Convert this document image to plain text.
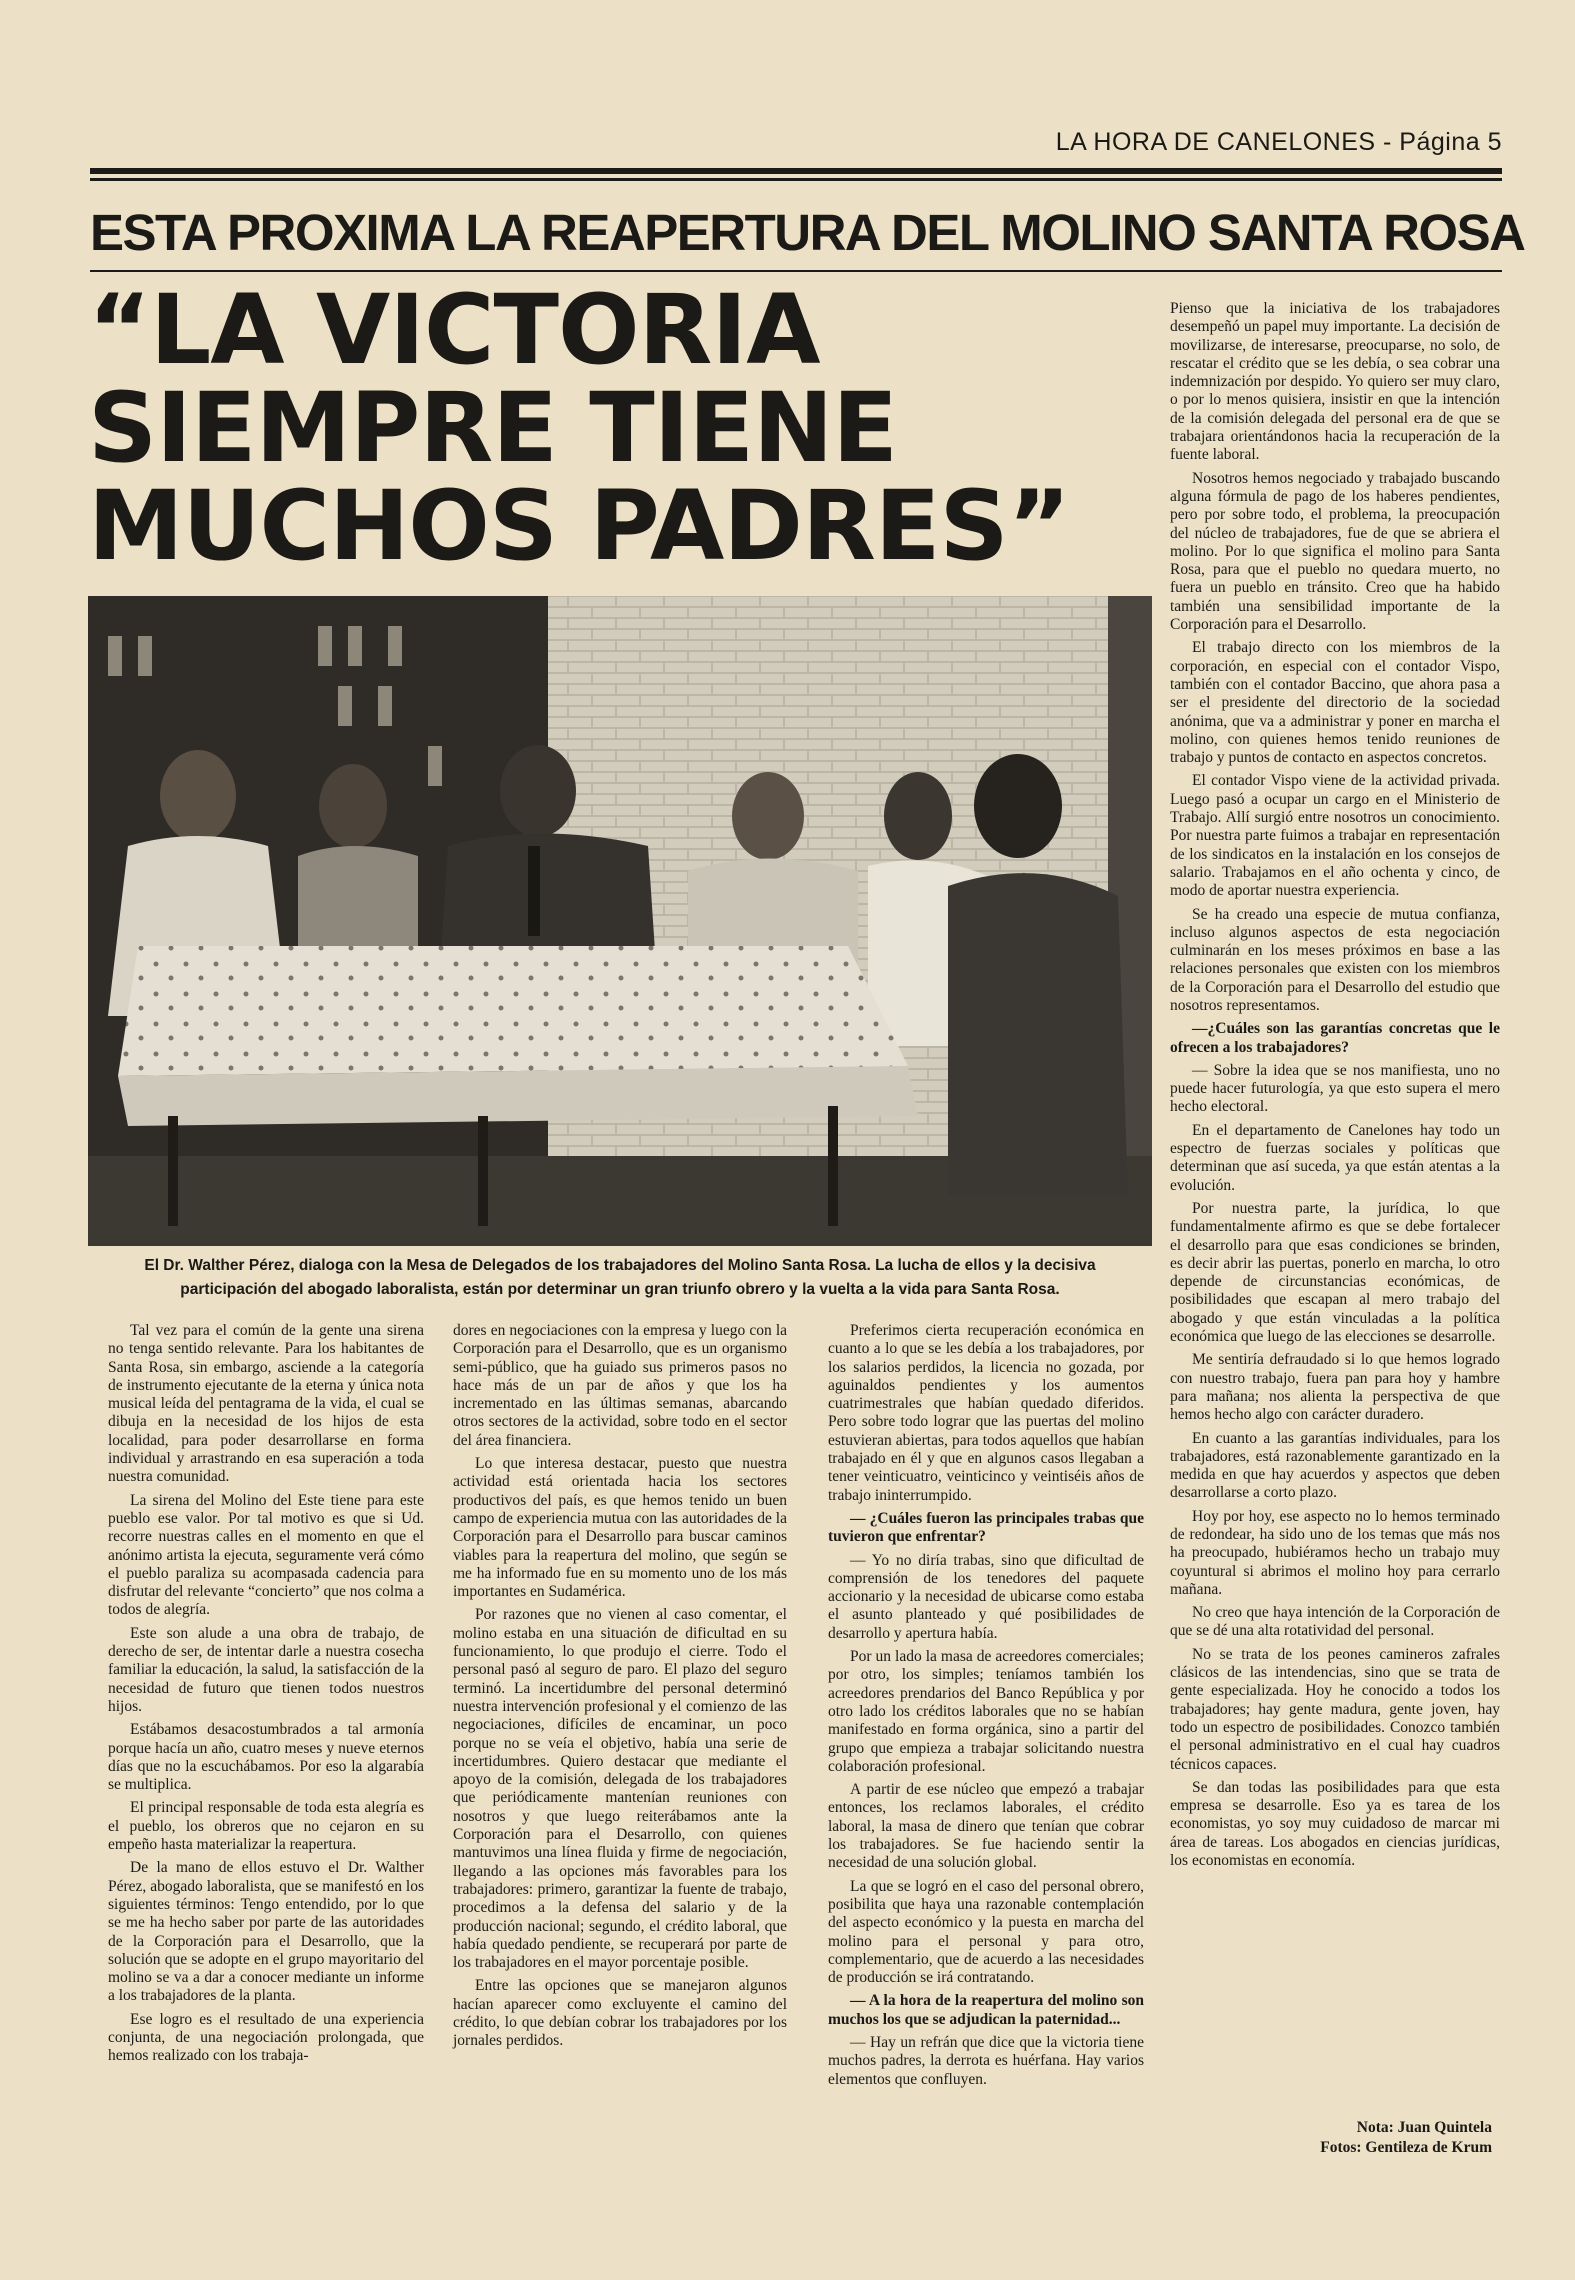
LA HORA DE CANELONES - Página 5
ESTA PROXIMA LA REAPERTURA DEL MOLINO SANTA ROSA
“LA VICTORIA
SIEMPRE TIENE
MUCHOS PADRES”
El Dr. Walther Pérez, dialoga con la Mesa de Delegados de los trabajadores del Molino Santa Rosa. La lucha de ellos y la decisiva
participación del abogado laboralista, están por determinar un gran triunfo obrero y la vuelta a la vida para Santa Rosa.

Tal vez para el común de la gente una sirena no tenga sentido relevante. Para los habitantes de Santa Rosa, sin embargo, asciende a la categoría de instrumento ejecutante de la eterna y única nota musical leída del pentagrama de la vida, el cual se dibuja en la necesidad de los hijos de esta localidad, para poder desarrollarse en forma individual y arrastrando en esa superación a toda nuestra comunidad.

La sirena del Molino del Este tiene para este pueblo ese valor. Por tal motivo es que si Ud. recorre nuestras calles en el momento en que el anónimo artista la ejecuta, seguramente verá cómo el pueblo paraliza su acompasada cadencia para disfrutar del relevante “concierto” que nos colma a todos de alegría.

Este son alude a una obra de trabajo, de derecho de ser, de intentar darle a nuestra cosecha familiar la educación, la salud, la satisfacción de la necesidad de futuro que tienen todos nuestros hijos.

Estábamos desacostumbrados a tal armonía porque hacía un año, cuatro meses y nueve eternos días que no la escuchábamos. Por eso la algarabía se multiplica.

El principal responsable de toda esta alegría es el pueblo, los obreros que no cejaron en su empeño hasta materializar la reapertura.

De la mano de ellos estuvo el Dr. Walther Pérez, abogado laboralista, que se manifestó en los siguientes términos: Tengo entendido, por lo que se me ha hecho saber por parte de las autoridades de la Corporación para el Desarrollo, que la solución que se adopte en el grupo mayoritario del molino se va a dar a conocer mediante un informe a los trabajadores de la planta.

Ese logro es el resultado de una experiencia conjunta, de una negociación prolongada, que hemos realizado con los trabaja-

dores en negociaciones con la empresa y luego con la Corporación para el Desarrollo, que es un organismo semi-público, que ha guiado sus primeros pasos no hace más de un par de años y que los ha incrementado en las últimas semanas, abarcando otros sectores de la actividad, sobre todo en el sector del área financiera.

Lo que interesa destacar, puesto que nuestra actividad está orientada hacia los sectores productivos del país, es que hemos tenido un buen campo de experiencia mutua con las autoridades de la Corporación para el Desarrollo para buscar caminos viables para la reapertura del molino, que según se me ha informado fue en su momento uno de los más importantes en Sudamérica.

Por razones que no vienen al caso comentar, el molino estaba en una situación de dificultad en su funcionamiento, lo que produjo el cierre. Todo el personal pasó al seguro de paro. El plazo del seguro terminó. La incertidumbre del personal determinó nuestra intervención profesional y el comienzo de las negociaciones, difíciles de encaminar, un poco porque no se veía el objetivo, había una serie de incertidumbres. Quiero destacar que mediante el apoyo de la comisión, delegada de los trabajadores que periódicamente mantenían reuniones con nosotros y que luego reiterábamos ante la Corporación para el Desarrollo, con quienes mantuvimos una línea fluida y firme de negociación, llegando a las opciones más favorables para los trabajadores: primero, garantizar la fuente de trabajo, procedimos a la defensa del salario y de la producción nacional; segundo, el crédito laboral, que había quedado pendiente, se recuperará por parte de los trabajadores en el mayor porcentaje posible.

Entre las opciones que se manejaron algunos hacían aparecer como excluyente el camino del crédito, lo que debían cobrar los trabajadores por los jornales perdidos.

Preferimos cierta recuperación económica en cuanto a lo que se les debía a los trabajadores, por los salarios perdidos, la licencia no gozada, por aguinaldos pendientes y los aumentos cuatrimestrales que habían quedado diferidos. Pero sobre todo lograr que las puertas del molino estuvieran abiertas, para todos aquellos que habían trabajado en él y que en algunos casos llegaban a tener veinticuatro, veinticinco y veintiséis años de trabajo ininterrumpido.

— ¿Cuáles fueron las principales trabas que tuvieron que enfrentar?

— Yo no diría trabas, sino que dificultad de comprensión de los tenedores del paquete accionario y la necesidad de ubicarse como estaba el asunto planteado y qué posibilidades de desarrollo y apertura había.

Por un lado la masa de acreedores comerciales; por otro, los simples; teníamos también los acreedores prendarios del Banco República y por otro lado los créditos laborales que no se habían manifestado en forma orgánica, sino a partir del grupo que empieza a trabajar solicitando nuestra colaboración profesional.

A partir de ese núcleo que empezó a trabajar entonces, los reclamos laborales, el crédito laboral, la masa de dinero que tenían que cobrar los trabajadores. Se fue haciendo sentir la necesidad de una solución global.

La que se logró en el caso del personal obrero, posibilita que haya una razonable contemplación del aspecto económico y la puesta en marcha del molino para el personal y para otro, complementario, que de acuerdo a las necesidades de producción se irá contratando.

— A la hora de la reapertura del molino son muchos los que se adjudican la paternidad...

— Hay un refrán que dice que la victoria tiene muchos padres, la derrota es huérfana. Hay varios elementos que confluyen.

Pienso que la iniciativa de los trabajadores desempeñó un papel muy importante. La decisión de movilizarse, de interesarse, preocuparse, no solo, de rescatar el crédito que se les debía, o sea cobrar una indemnización por despido. Yo quiero ser muy claro, o por lo menos quisiera, insistir en que la intención de la comisión delegada del personal era de que se trabajara orientándonos hacia la recuperación de la fuente laboral.

Nosotros hemos negociado y trabajado buscando alguna fórmula de pago de los haberes pendientes, pero por sobre todo, el problema, la preocupación del núcleo de trabajadores, fue de que se abriera el molino. Por lo que significa el molino para Santa Rosa, para que el pueblo no quedara muerto, no fuera un pueblo en tránsito. Creo que ha habido también una sensibilidad importante de la Corporación para el Desarrollo.

El trabajo directo con los miembros de la corporación, en especial con el contador Vispo, también con el contador Baccino, que ahora pasa a ser el presidente del directorio de la sociedad anónima, que va a administrar y poner en marcha el molino, con quienes hemos tenido reuniones de trabajo y puntos de contacto en aspectos concretos.

El contador Vispo viene de la actividad privada. Luego pasó a ocupar un cargo en el Ministerio de Trabajo. Allí surgió entre nosotros un conocimiento. Por nuestra parte fuimos a trabajar en representación de los sindicatos en la instalación en los consejos de salario. Trabajamos en el año ochenta y cinco, de modo de aportar nuestra experiencia.

Se ha creado una especie de mutua confianza, incluso algunos aspectos de esta negociación culminarán en los meses próximos en base a las relaciones personales que existen con los miembros de la Corporación para el Desarrollo del estudio que nosotros representamos.

—¿Cuáles son las garantías concretas que le ofrecen a los trabajadores?

— Sobre la idea que se nos manifiesta, uno no puede hacer futurología, ya que esto supera el mero hecho electoral.

En el departamento de Canelones hay todo un espectro de fuerzas sociales y políticas que determinan que así suceda, ya que están atentas a la evolución.

Por nuestra parte, la jurídica, lo que fundamentalmente afirmo es que se debe fortalecer el desarrollo para que esas condiciones se brinden, es decir abrir las puertas, ponerlo en marcha, lo otro depende de circunstancias económicas, de posibilidades que escapan al mero trabajo del abogado y que están vinculadas a la política económica que luego de las elecciones se desarrolle.

Me sentiría defraudado si lo que hemos logrado con nuestro trabajo, fuera pan para hoy y hambre para mañana; nos alienta la perspectiva de que hemos hecho algo con carácter duradero.

En cuanto a las garantías individuales, para los trabajadores, está razonablemente garantizado en la medida en que hay acuerdos y aspectos que deben desarrollarse a corto plazo.

Hoy por hoy, ese aspecto no lo hemos terminado de redondear, ha sido uno de los temas que más nos ha preocupado, hubiéramos hecho un trabajo muy coyuntural si abrimos el molino hoy para cerrarlo mañana.

No creo que haya intención de la Corporación de que se dé una alta rotatividad del personal.

No se trata de los peones camineros zafrales clásicos de las intendencias, sino que se trata de gente especializada. Hoy he conocido a todos los trabajadores; hay gente madura, gente joven, hay todo un espectro de posibilidades. Conozco también el personal administrativo en el cual hay cuadros técnicos capaces.

Se dan todas las posibilidades para que esta empresa se desarrolle. Eso ya es tarea de los economistas, yo soy muy cuidadoso de marcar mi área de tareas. Los abogados en ciencias jurídicas, los economistas en economía.

Nota: Juan Quintela
Fotos: Gentileza de Krum
